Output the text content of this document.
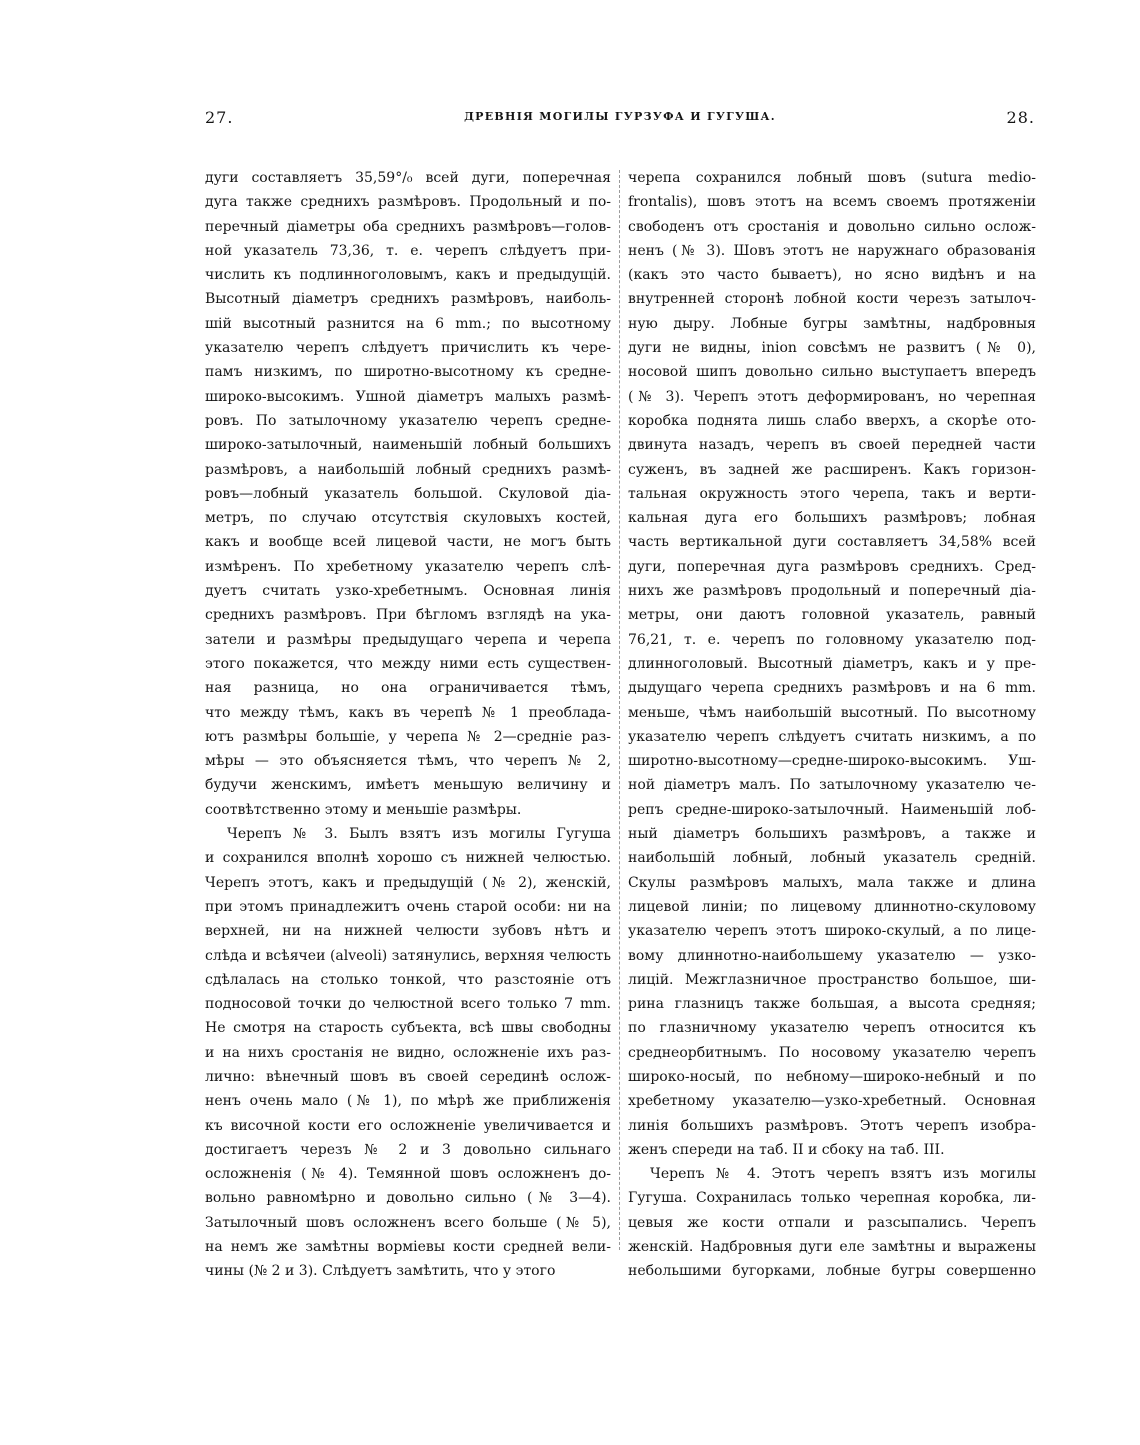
27.	ДРЕВНІЯ МОГИЛЫ ГУРЗУФА И ГУГУША.	28.
дуги составляетъ 35,59°/₀ всей дуги, поперечная
дуга также среднихъ размѣровъ. Продольный и по-
перечный діаметры оба среднихъ размѣровъ—голов-
ной указатель 73,36, т. е. черепъ слѣдуетъ при-
числить къ подлинноголовымъ, какъ и предыдущій.
Высотный діаметръ среднихъ размѣровъ, наиболь-
шій высотный разнится на 6 mm.; по высотному
указателю черепъ слѣдуетъ причислить къ чере-
памъ низкимъ, по широтно-высотному къ средне-
широко-высокимъ. Ушной діаметръ малыхъ размѣ-
ровъ. По затылочному указателю черепъ средне-
широко-затылочный, наименьшій лобный большихъ
размѣровъ, а наибольшій лобный среднихъ размѣ-
ровъ—лобный указатель большой. Скуловой діа-
метръ, по случаю отсутствія скуловыхъ костей,
какъ и вообще всей лицевой части, не могъ быть
измѣренъ. По хребетному указателю черепъ слѣ-
дуетъ считать узко-хребетнымъ. Основная линія
среднихъ размѣровъ. При бѣгломъ взглядѣ на ука-
затели и размѣры предыдущаго черепа и черепа
этого покажется, что между ними есть существен-
ная разница, но она ограничивается тѣмъ,
что между тѣмъ, какъ въ черепѣ № 1 преоблада-
ютъ размѣры большіе, у черепа № 2—средніе раз-
мѣры — это объясняется тѣмъ, что черепъ № 2,
будучи женскимъ, имѣетъ меньшую величину и
соотвѣтственно этому и меньшіе размѣры.
Черепъ № 3. Былъ взятъ изъ могилы Гугуша
и сохранился вполнѣ хорошо съ нижней челюстью.
Черепъ этотъ, какъ и предыдущій (№ 2), женскій,
при этомъ принадлежитъ очень старой особи: ни на
верхней, ни на нижней челюсти зубовъ нѣтъ и
слѣда и всѣячеи (alveoli) затянулись, верхняя челюсть
сдѣлалась на столько тонкой, что разстояніе отъ
подносовой точки до челюстной всего только 7 mm.
Не смотря на старость субъекта, всѣ швы свободны
и на нихъ сростанія не видно, осложненіе ихъ раз-
лично: вѣнечный шовъ въ своей серединѣ ослож-
ненъ очень мало (№ 1), по мѣрѣ же приближенія
къ височной кости его осложненіе увеличивается и
достигаетъ черезъ № 2 и 3 довольно сильнаго
осложненія (№ 4). Темянной шовъ осложненъ до-
вольно равномѣрно и довольно сильно (№ 3—4).
Затылочный шовъ осложненъ всего больше (№ 5),
на немъ же замѣтны ворміевы кости средней вели-
чины (№ 2 и 3). Слѣдуетъ замѣтить, что у этого
черепа сохранился лобный шовъ (sutura medio-
frontalis), шовъ этотъ на всемъ своемъ протяженіи
свободенъ отъ сростанія и довольно сильно ослож-
ненъ (№ 3). Шовъ этотъ не наружнаго образованія
(какъ это часто бываетъ), но ясно видѣнъ и на
внутренней сторонѣ лобной кости черезъ затылоч-
ную дыру. Лобные бугры замѣтны, надбровныя
дуги не видны, inion совсѣмъ не развитъ (№ 0),
носовой шипъ довольно сильно выступаетъ впередъ
(№ 3). Черепъ этотъ деформированъ, но черепная
коробка поднята лишь слабо вверхъ, а скорѣе ото-
двинута назадъ, черепъ въ своей передней части
суженъ, въ задней же расширенъ. Какъ горизон-
тальная окружность этого черепа, такъ и верти-
кальная дуга его большихъ размѣровъ; лобная
часть вертикальной дуги составляетъ 34,58% всей
дуги, поперечная дуга размѣровъ среднихъ. Сред-
нихъ же размѣровъ продольный и поперечный діа-
метры, они даютъ головной указатель, равный
76,21, т. е. черепъ по головному указателю под-
длинноголовый. Высотный діаметръ, какъ и у пре-
дыдущаго черепа среднихъ размѣровъ и на 6 mm.
меньше, чѣмъ наибольшій высотный. По высотному
указателю черепъ слѣдуетъ считать низкимъ, а по
широтно-высотному—средне-широко-высокимъ. Уш-
ной діаметръ малъ. По затылочному указателю че-
репъ средне-широко-затылочный. Наименьшій лоб-
ный діаметръ большихъ размѣровъ, а также и
наибольшій лобный, лобный указатель средній.
Скулы размѣровъ малыхъ, мала также и длина
лицевой линіи; по лицевому длиннотно-скуловому
указателю черепъ этотъ широко-скулый, а по лице-
вому длиннотно-наибольшему указателю — узко-
лицій. Межглазничное пространство большое, ши-
рина глазницъ также большая, а высота средняя;
по глазничному указателю черепъ относится къ
среднеорбитнымъ. По носовому указателю черепъ
широко-носый, по небному—широко-небный и по
хребетному указателю—узко-хребетный. Основная
линія большихъ размѣровъ. Этотъ черепъ изобра-
женъ спереди на таб. II и сбоку на таб. III.
Черепъ № 4. Этотъ черепъ взятъ изъ могилы
Гугуша. Сохранилась только черепная коробка, ли-
цевыя же кости отпали и разсыпались. Черепъ
женскій. Надбровныя дуги еле замѣтны и выражены
небольшими бугорками, лобные бугры совершенно
